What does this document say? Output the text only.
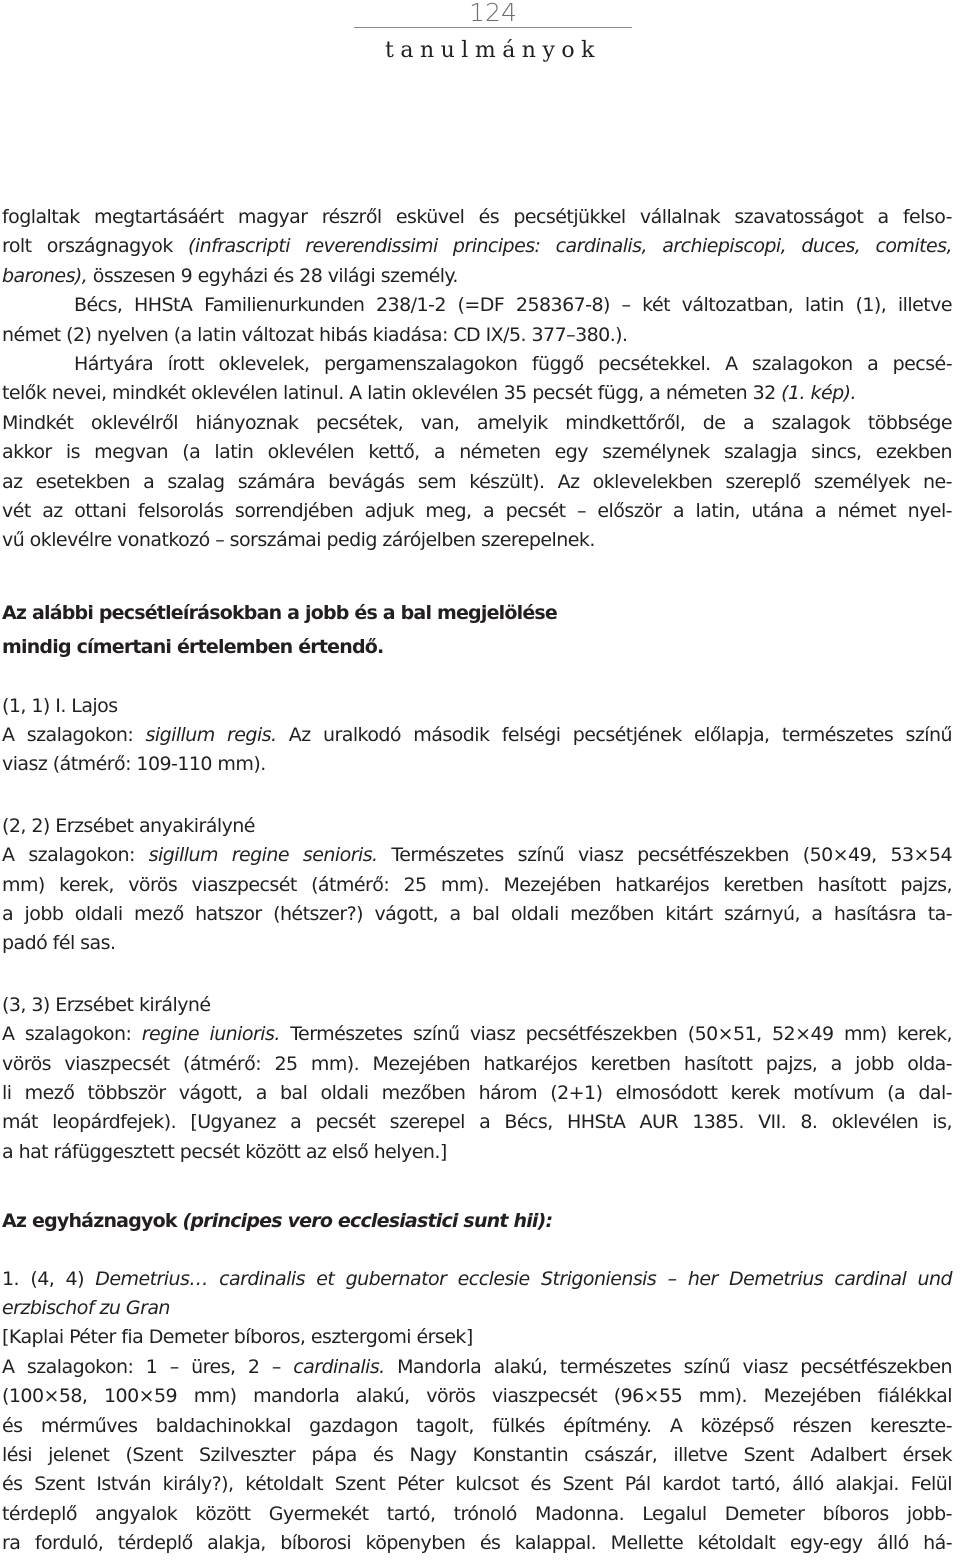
124
tanulmányok
foglaltak megtartásáért magyar részről esküvel és pecsétjükkel vállalnak szavatosságot a felso-
rolt országnagyok (infrascripti reverendissimi principes: cardinalis, archiepiscopi, duces, comites,
barones), összesen 9 egyházi és 28 világi személy.
Bécs, HHStA Familienurkunden 238/1-2 (=DF 258367-8) – két változatban, latin (1), illetve
német (2) nyelven (a latin változat hibás kiadása: CD IX/5. 377–380.).
Hártyára írott oklevelek, pergamenszalagokon függő pecsétekkel. A szalagokon a pecsé-
telők nevei, mindkét oklevélen latinul. A latin oklevélen 35 pecsét függ, a németen 32 (1. kép).
Mindkét oklevélről hiányoznak pecsétek, van, amelyik mindkettőről, de a szalagok többsége
akkor is megvan (a latin oklevélen kettő, a németen egy személynek szalagja sincs, ezekben
az esetekben a szalag számára bevágás sem készült). Az oklevelekben szereplő személyek ne-
vét az ottani felsorolás sorrendjében adjuk meg, a pecsét – először a latin, utána a német nyel-
vű oklevélre vonatkozó – sorszámai pedig zárójelben szerepelnek.
Az alábbi pecsétleírásokban a jobb és a bal megjelölése
mindig címertani értelemben értendő.
(1, 1) I. Lajos
A szalagokon: sigillum regis. Az uralkodó második felségi pecsétjének előlapja, természetes színű
viasz (átmérő: 109-110 mm).
(2, 2) Erzsébet anyakirályné
A szalagokon: sigillum regine senioris. Természetes színű viasz pecsétfészekben (50×49, 53×54
mm) kerek, vörös viaszpecsét (átmérő: 25 mm). Mezejében hatkaréjos keretben hasított pajzs,
a jobb oldali mező hatszor (hétszer?) vágott, a bal oldali mezőben kitárt szárnyú, a hasításra ta-
padó fél sas.
(3, 3) Erzsébet királyné
A szalagokon: regine iunioris. Természetes színű viasz pecsétfészekben (50×51, 52×49 mm) kerek,
vörös viaszpecsét (átmérő: 25 mm). Mezejében hatkaréjos keretben hasított pajzs, a jobb olda-
li mező többször vágott, a bal oldali mezőben három (2+1) elmosódott kerek motívum (a dal-
mát leopárdfejek). [Ugyanez a pecsét szerepel a Bécs, HHStA AUR 1385. VII. 8. oklevélen is,
a hat ráfüggesztett pecsét között az első helyen.]
Az egyháznagyok (principes vero ecclesiastici sunt hii):
1. (4, 4) Demetrius… cardinalis et gubernator ecclesie Strigoniensis – her Demetrius cardinal und
erzbischof zu Gran
[Kaplai Péter fia Demeter bíboros, esztergomi érsek]
A szalagokon: 1 – üres, 2 – cardinalis. Mandorla alakú, természetes színű viasz pecsétfészekben
(100×58, 100×59 mm) mandorla alakú, vörös viaszpecsét (96×55 mm). Mezejében fiálékkal
és mérműves baldachinokkal gazdagon tagolt, fülkés építmény. A középső részen kereszte-
lési jelenet (Szent Szilveszter pápa és Nagy Konstantin császár, illetve Szent Adalbert érsek
és Szent István király?), kétoldalt Szent Péter kulcsot és Szent Pál kardot tartó, álló alakjai. Felül
térdeplő angyalok között Gyermekét tartó, trónoló Madonna. Legalul Demeter bíboros jobb-
ra forduló, térdeplő alakja, bíborosi köpenyben és kalappal. Mellette kétoldalt egy-egy álló há-
